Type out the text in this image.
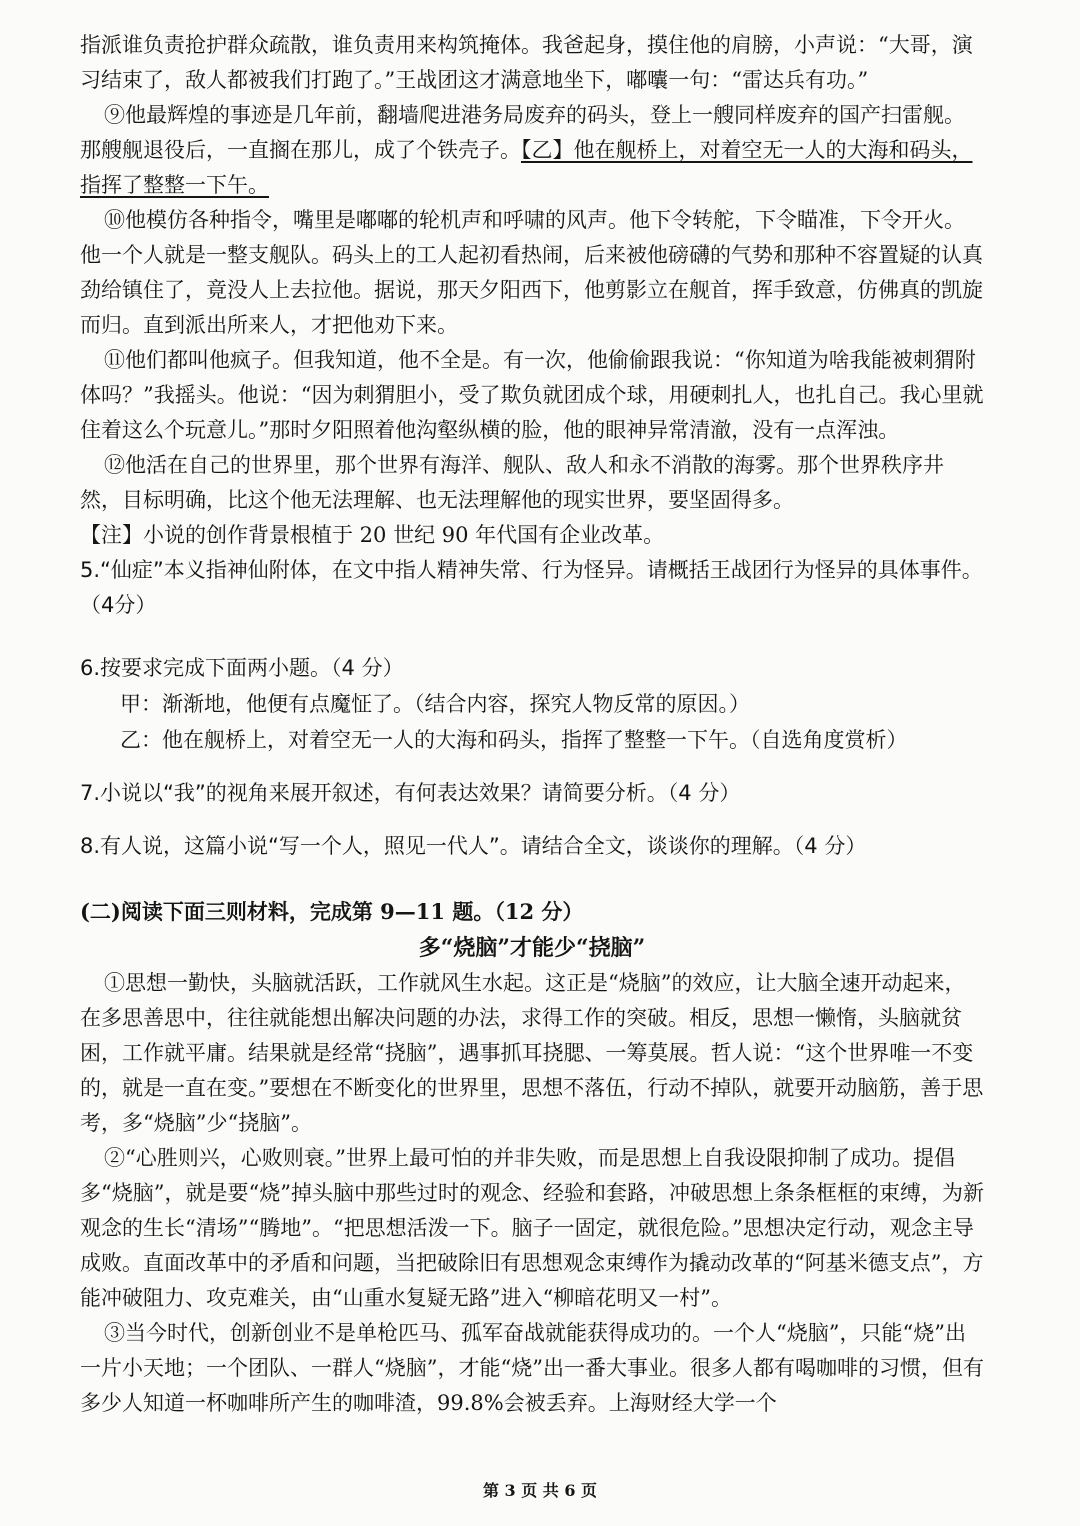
指派谁负责抢护群众疏散，谁负责用来构筑掩体。我爸起身，摸住他的肩膀，小声说：“大哥，演习结束了，敌人都被我们打跑了。”王战团这才满意地坐下，嘟囔一句：“雷达兵有功。”

⑨他最辉煌的事迹是几年前，翻墙爬进港务局废弃的码头，登上一艘同样废弃的国产扫雷舰。那艘舰退役后，一直搁在那儿，成了个铁壳子。【乙】他在舰桥上，对着空无一人的大海和码头，指挥了整整一下午。

⑩他模仿各种指令，嘴里是嘟嘟的轮机声和呼啸的风声。他下令转舵，下令瞄准，下令开火。他一个人就是一整支舰队。码头上的工人起初看热闹，后来被他磅礴的气势和那种不容置疑的认真劲给镇住了，竟没人上去拉他。据说，那天夕阳西下，他剪影立在舰首，挥手致意，仿佛真的凯旋而归。直到派出所来人，才把他劝下来。

⑪他们都叫他疯子。但我知道，他不全是。有一次，他偷偷跟我说：“你知道为啥我能被刺猬附体吗？”我摇头。他说：“因为刺猬胆小，受了欺负就团成个球，用硬刺扎人，也扎自己。我心里就住着这么个玩意儿。”那时夕阳照着他沟壑纵横的脸，他的眼神异常清澈，没有一点浑浊。

⑫他活在自己的世界里，那个世界有海洋、舰队、敌人和永不消散的海雾。那个世界秩序井然，目标明确，比这个他无法理解、也无法理解他的现实世界，要坚固得多。

【注】小说的创作背景根植于 20 世纪 90 年代国有企业改革。

5.“仙症”本义指神仙附体，在文中指人精神失常、行为怪异。请概括王战团行为怪异的具体事件。（4分）

6.按要求完成下面两小题。（4 分）

甲：渐渐地，他便有点魔怔了。（结合内容，探究人物反常的原因。）

乙：他在舰桥上，对着空无一人的大海和码头，指挥了整整一下午。（自选角度赏析）

7.小说以“我”的视角来展开叙述，有何表达效果？请简要分析。（4 分）

8.有人说，这篇小说“写一个人，照见一代人”。请结合全文，谈谈你的理解。（4 分）

(二)阅读下面三则材料，完成第 9—11 题。（12 分）

多“烧脑”才能少“挠脑”

①思想一勤快，头脑就活跃，工作就风生水起。这正是“烧脑”的效应，让大脑全速开动起来，在多思善思中，往往就能想出解决问题的办法，求得工作的突破。相反，思想一懒惰，头脑就贫困，工作就平庸。结果就是经常“挠脑”，遇事抓耳挠腮、一筹莫展。哲人说：“这个世界唯一不变的，就是一直在变。”要想在不断变化的世界里，思想不落伍，行动不掉队，就要开动脑筋，善于思考，多“烧脑”少“挠脑”。

②“心胜则兴，心败则衰。”世界上最可怕的并非失败，而是思想上自我设限抑制了成功。提倡多“烧脑”，就是要“烧”掉头脑中那些过时的观念、经验和套路，冲破思想上条条框框的束缚，为新观念的生长“清场”“腾地”。“把思想活泼一下。脑子一固定，就很危险。”思想决定行动，观念主导成败。直面改革中的矛盾和问题，当把破除旧有思想观念束缚作为撬动改革的“阿基米德支点”，方能冲破阻力、攻克难关，由“山重水复疑无路”进入“柳暗花明又一村”。

③当今时代，创新创业不是单枪匹马、孤军奋战就能获得成功的。一个人“烧脑”，只能“烧”出一片小天地；一个团队、一群人“烧脑”，才能“烧”出一番大事业。很多人都有喝咖啡的习惯，但有多少人知道一杯咖啡所产生的咖啡渣，99.8%会被丢弃。上海财经大学一个

第 3 页 共 6 页
